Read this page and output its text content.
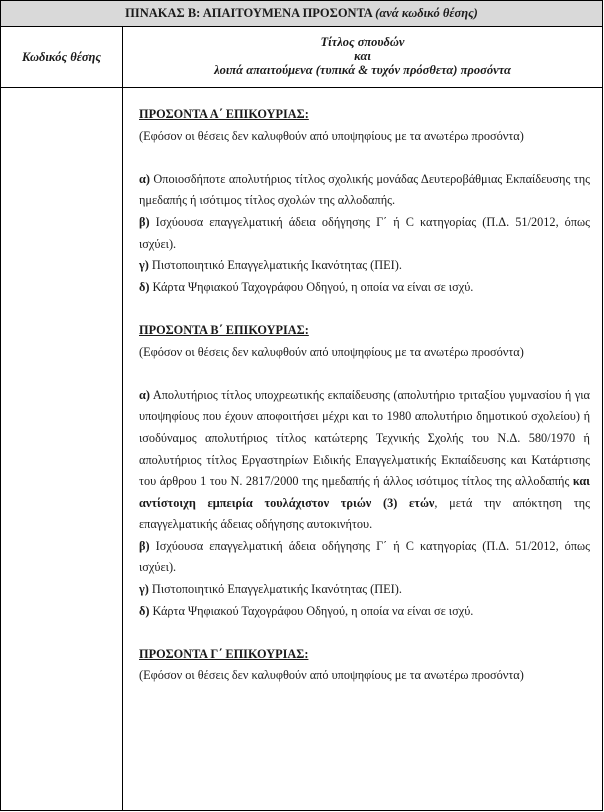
ΠΙΝΑΚΑΣ Β: ΑΠΑΙΤΟΥΜΕΝΑ ΠΡΟΣΟΝΤΑ (ανά κωδικό θέσης)
Κωδικός θέσης
Τίτλος σπουδών
και
λοιπά απαιτούμενα (τυπικά & τυχόν πρόσθετα) προσόντα

ΠΡΟΣΟΝΤΑ Α΄ ΕΠΙΚΟΥΡΙΑΣ:

(Εφόσον οι θέσεις δεν καλυφθούν από υποψηφίους με τα ανωτέρω προσόντα)

α) Οποιοσδήποτε απολυτήριος τίτλος σχολικής μονάδας Δευτεροβάθμιας Εκπαίδευσης της ημεδαπής ή ισότιμος τίτλος σχολών της αλλοδαπής.

β) Ισχύουσα επαγγελματική άδεια οδήγησης Γ΄ ή C κατηγορίας (Π.Δ. 51/2012, όπως ισχύει).

γ) Πιστοποιητικό Επαγγελματικής Ικανότητας (ΠΕΙ).

δ) Κάρτα Ψηφιακού Ταχογράφου Οδηγού, η οποία να είναι σε ισχύ.

ΠΡΟΣΟΝΤΑ Β΄ ΕΠΙΚΟΥΡΙΑΣ:

(Εφόσον οι θέσεις δεν καλυφθούν από υποψηφίους με τα ανωτέρω προσόντα)

α) Απολυτήριος τίτλος υποχρεωτικής εκπαίδευσης (απολυτήριο τριταξίου γυμνασίου ή για υποψηφίους που έχουν αποφοιτήσει μέχρι και το 1980 απολυτήριο δημοτικού σχολείου) ή ισοδύναμος απολυτήριος τίτλος κατώτερης Τεχνικής Σχολής του Ν.Δ. 580/1970 ή απολυτήριος τίτλος Εργαστηρίων Ειδικής Επαγγελματικής Εκπαίδευσης και Κατάρτισης του άρθρου 1 του Ν. 2817/2000 της ημεδαπής ή άλλος ισότιμος τίτλος της αλλοδαπής και αντίστοιχη εμπειρία τουλάχιστον τριών (3) ετών, μετά την απόκτηση της επαγγελματικής άδειας οδήγησης αυτοκινήτου.

β) Ισχύουσα επαγγελματική άδεια οδήγησης Γ΄ ή C κατηγορίας (Π.Δ. 51/2012, όπως ισχύει).

γ) Πιστοποιητικό Επαγγελματικής Ικανότητας (ΠΕΙ).

δ) Κάρτα Ψηφιακού Ταχογράφου Οδηγού, η οποία να είναι σε ισχύ.

ΠΡΟΣΟΝΤΑ Γ΄ ΕΠΙΚΟΥΡΙΑΣ:

(Εφόσον οι θέσεις δεν καλυφθούν από υποψηφίους με τα ανωτέρω προσόντα)
